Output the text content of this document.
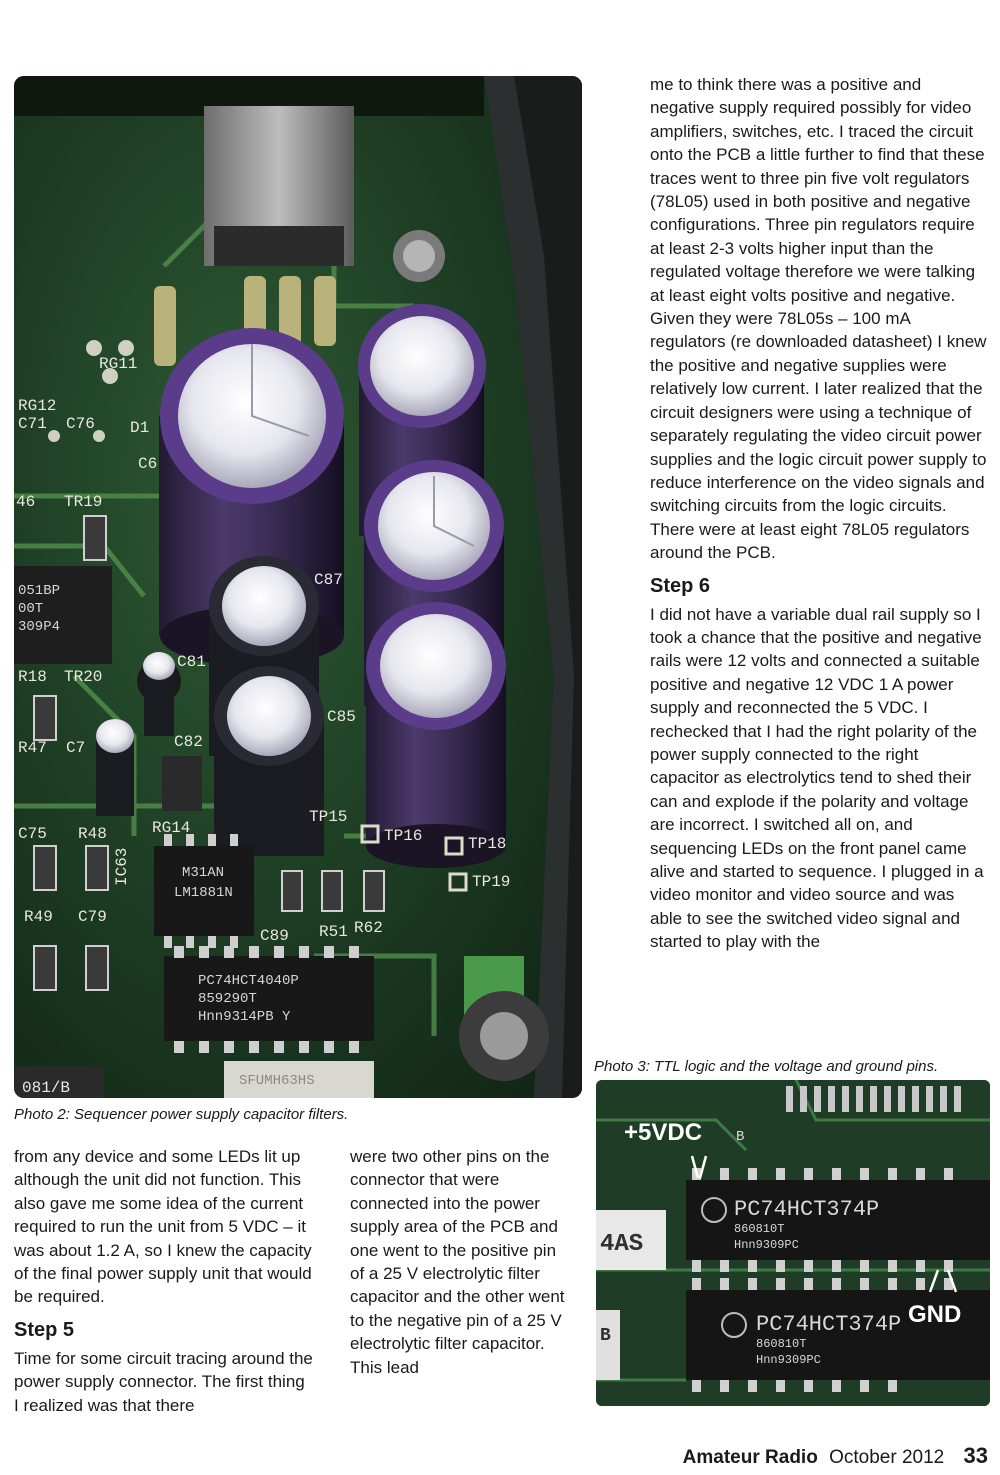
RG11
RG12
C71 C76 D1
C6
46 TR19
C87
C81
R18 TR20
C85
C82
C7
R47
TP15
TP16	TP18
TP19
C75 R48	RG14
R49 C79
C89 R51 R62
081/B
IC63
051BP
00T
309P4
M31AN
LM1881N
PC74HCT4040P
859290T
Hnn9314PB Y
SFUMH63HS
Photo 2: Sequencer power supply capacitor filters.

from any device and some LEDs lit up although the unit did not function. This also gave me some idea of the current required to run the unit from 5 VDC – it was about 1.2 A, so I knew the capacity of the final power supply unit that would be required.

Step 5

Time for some circuit tracing around the power supply connector. The first thing I realized was that there

were two other pins on the connector that were connected into the power supply area of the PCB and one went to the positive pin of a 25 V electrolytic filter capacitor and the other went to the negative pin of a 25 V electrolytic filter capacitor. This lead

me to think there was a positive and negative supply required possibly for video amplifiers, switches, etc. I traced the circuit onto the PCB a little further to find that these traces went to three pin five volt regulators (78L05) used in both positive and negative configurations. Three pin regulators require at least 2-3 volts higher input than the regulated voltage therefore we were talking at least eight volts positive and negative. Given they were 78L05s – 100 mA regulators (re downloaded datasheet) I knew the positive and negative supplies were relatively low current. I later realized that the circuit designers were using a technique of separately regulating the video circuit power supplies and the logic circuit power supply to reduce interference on the video signals and switching circuits from the logic circuits. There were at least eight 78L05 regulators around the PCB.

Step 6

I did not have a variable dual rail supply so I took a chance that the positive and negative rails were 12 volts and connected a suitable positive and negative 12 VDC 1 A power supply and reconnected the 5 VDC. I rechecked that I had the right polarity of the power supply connected to the right capacitor as electrolytics tend to shed their can and explode if the polarity and voltage are incorrect. I switched all on, and sequencing LEDs on the front panel came alive and started to sequence. I plugged in a video monitor and video source and was able to see the switched video signal and started to play with the

Photo 3: TTL logic and the voltage and ground pins.
+5VDC B
GND
4AS
B
PC74HCT374P
860810T
Hnn9309PC
PC74HCT374P
860810T
Hnn9309PC
Amateur Radio October 2012 33
